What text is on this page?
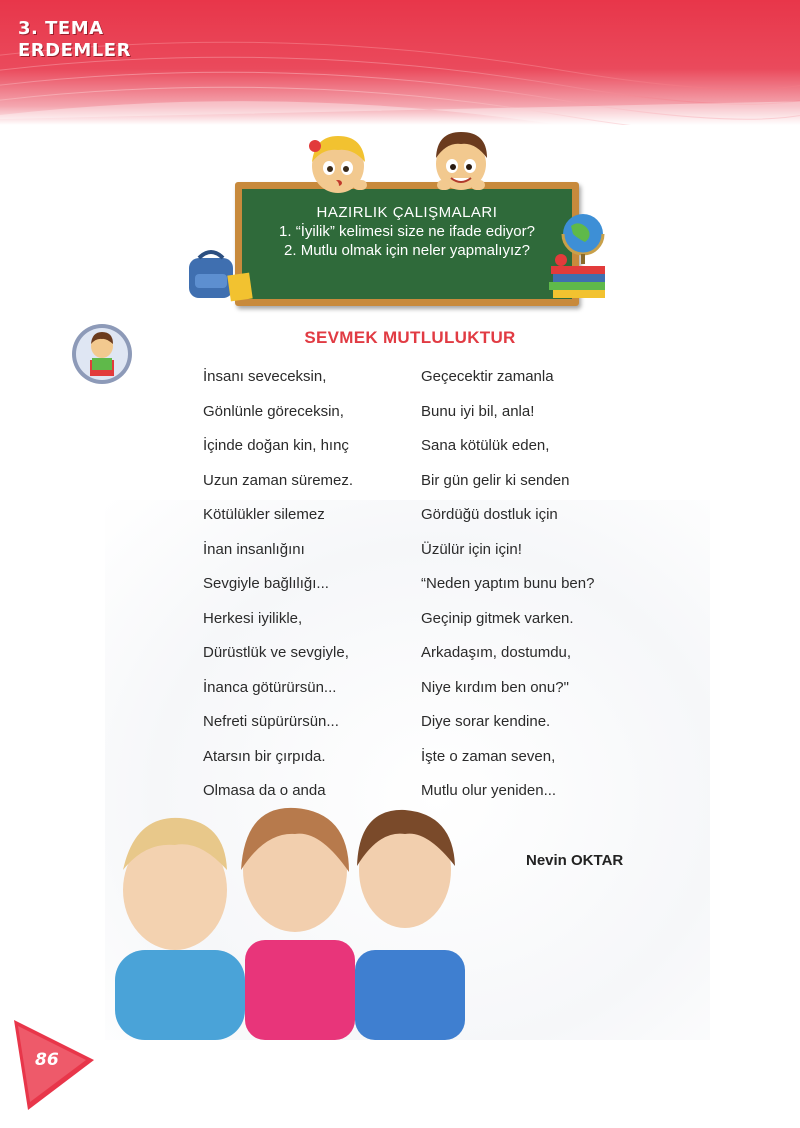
3. TEMA
ERDEMLER
HAZIRLIK ÇALIŞMALARI
1. “İyilik” kelimesi size ne ifade ediyor?
2. Mutlu olmak için neler yapmalıyız?
SEVMEK MUTLULUKTUR
İnsanı seveceksin,
Gönlünle göreceksin,
İçinde doğan kin, hınç
Uzun zaman süremez.
Kötülükler silemez
İnan insanlığını
Sevgiyle bağlılığı...
Herkesi iyilikle,
Dürüstlük ve sevgiyle,
İnanca götürürsün...
Nefreti süpürürsün...
Atarsın bir çırpıda.
Olmasa da o anda
Geçecektir zamanla
Bunu iyi bil, anla!
Sana kötülük eden,
Bir gün gelir ki senden
Gördüğü dostluk için
Üzülür için için!
“Neden yaptım bunu ben?
Geçinip gitmek varken.
Arkadaşım, dostumdu,
Niye kırdım ben onu?"
Diye sorar kendine.
İşte o zaman seven,
Mutlu olur yeniden...
Nevin OKTAR
86
